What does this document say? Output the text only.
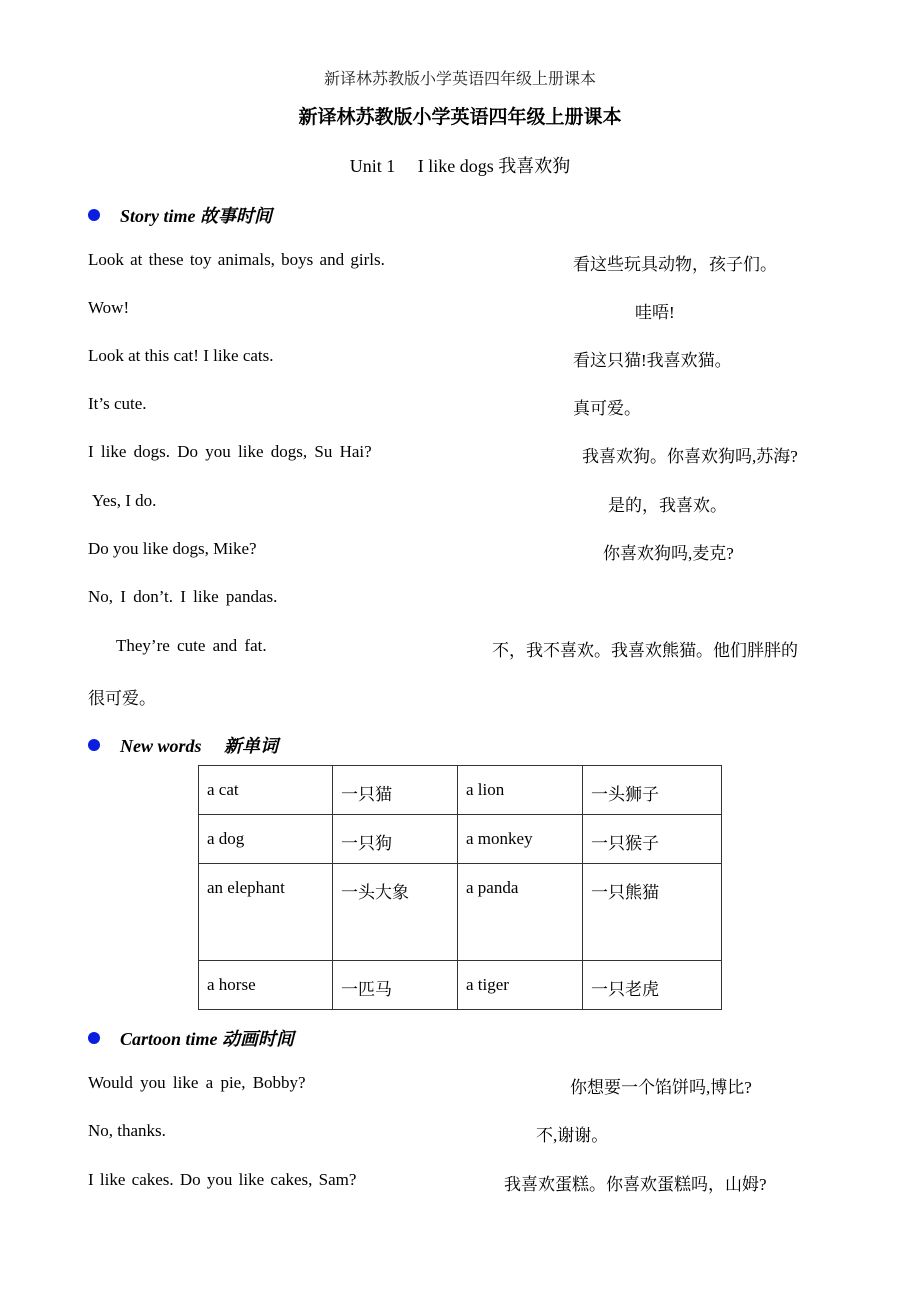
新译林苏教版小学英语四年级上册课本
新译林苏教版小学英语四年级上册课本
Unit 1　 I like dogs 我喜欢狗
Story time 故事时间
Look at these toy animals, boys and girls.	看这些玩具动物，孩子们。
Wow!	哇唔!
Look at this cat! I like cats.	看这只猫!我喜欢猫。
It’s cute.	真可爱。
I like dogs. Do you like dogs, Su Hai?	我喜欢狗。你喜欢狗吗,苏海?
Yes, I do.	是的，我喜欢。
Do you like dogs, Mike?	你喜欢狗吗,麦克?
No, I don’t. I like pandas.
They’re cute and fat.	不，我不喜欢。我喜欢熊猫。他们胖胖的
很可爱。
New words　 新单词
a cat	一只猫	a lion	一头狮子
a dog	一只狗	a monkey	一只猴子

an elephant	一头大象	a panda	一只熊猫
a horse	一匹马	a tiger	一只老虎
Cartoon time 动画时间
Would you like a pie, Bobby?	你想要一个馅饼吗,博比?
No, thanks.	不,谢谢。
I like cakes. Do you like cakes, Sam?	我喜欢蛋糕。你喜欢蛋糕吗，山姆?
